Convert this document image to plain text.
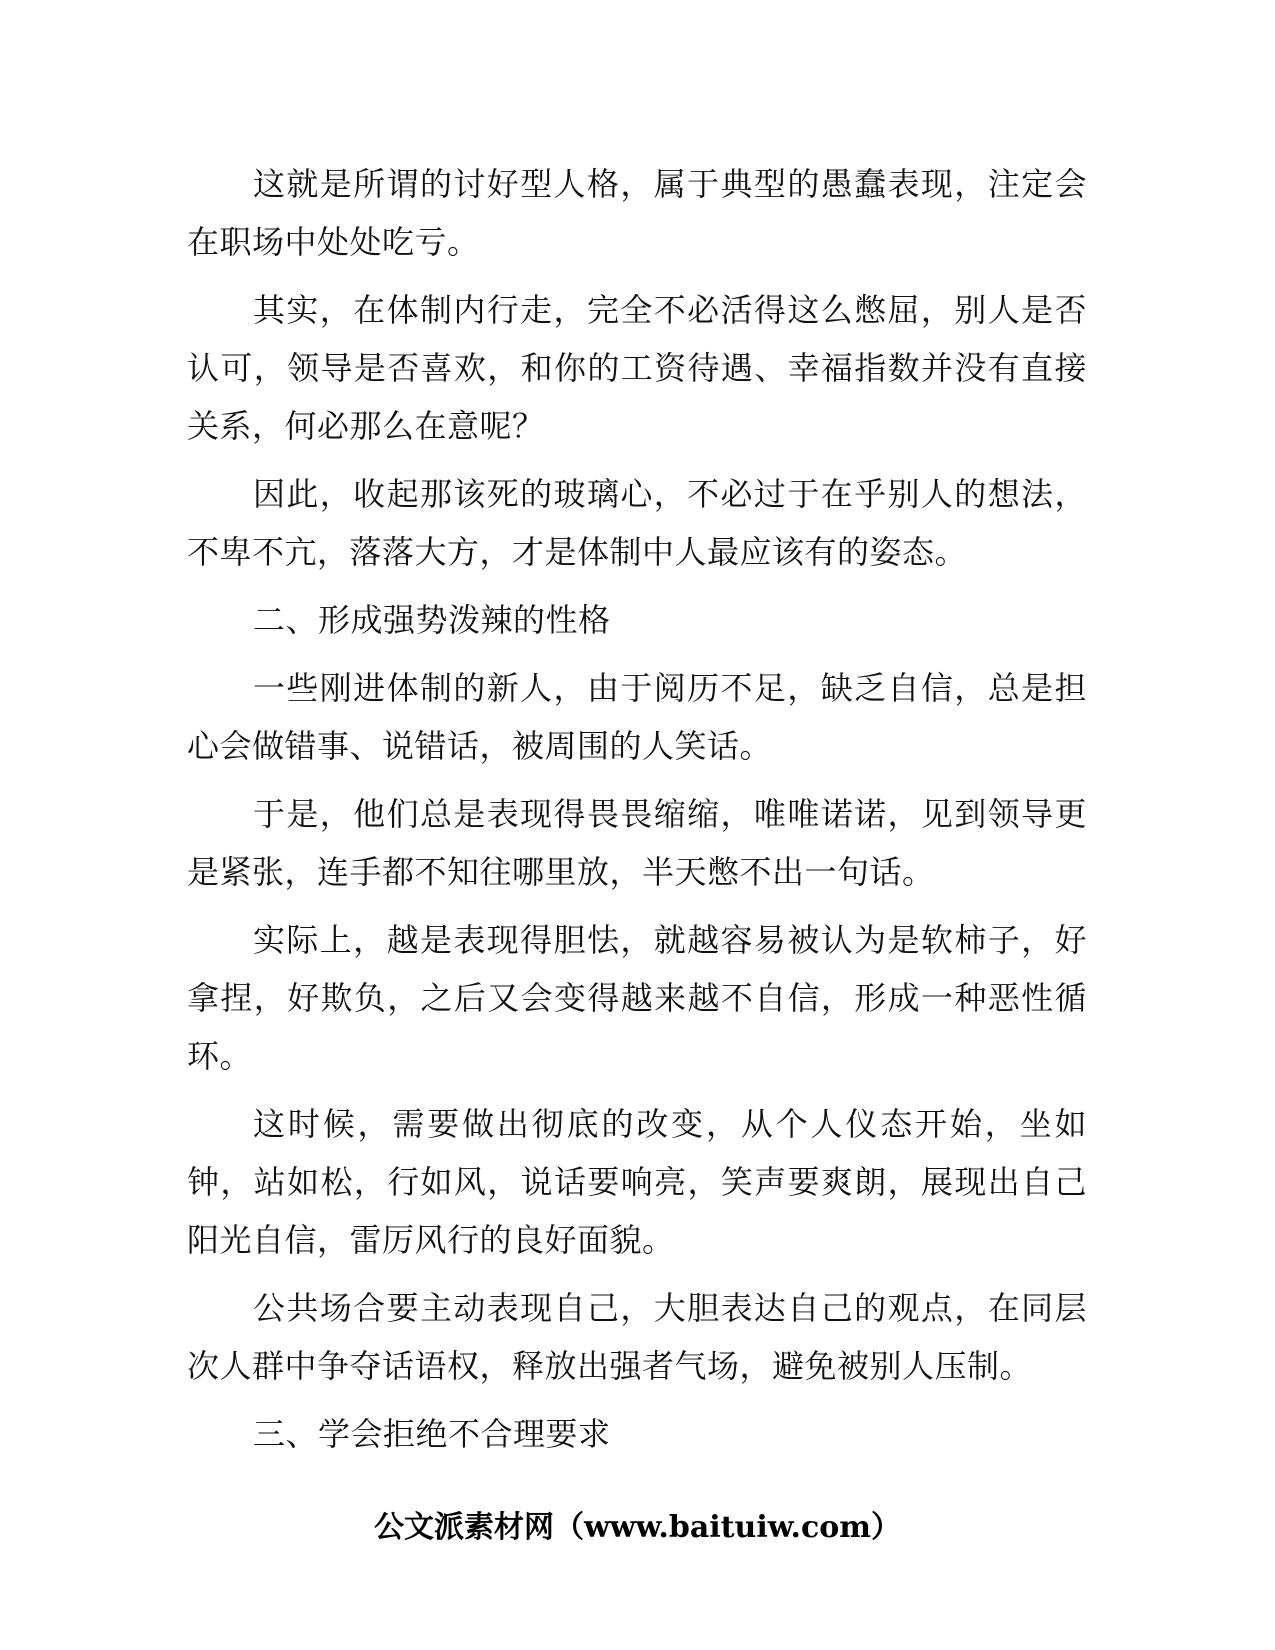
这就是所谓的讨好型人格，属于典型的愚蠢表现，注定会在职场中处处吃亏。

其实，在体制内行走，完全不必活得这么憋屈，别人是否认可，领导是否喜欢，和你的工资待遇、幸福指数并没有直接关系，何必那么在意呢？

因此，收起那该死的玻璃心，不必过于在乎别人的想法，不卑不亢，落落大方，才是体制中人最应该有的姿态。

二、形成强势泼辣的性格

一些刚进体制的新人，由于阅历不足，缺乏自信，总是担心会做错事、说错话，被周围的人笑话。

于是，他们总是表现得畏畏缩缩，唯唯诺诺，见到领导更是紧张，连手都不知往哪里放，半天憋不出一句话。

实际上，越是表现得胆怯，就越容易被认为是软柿子，好拿捏，好欺负，之后又会变得越来越不自信，形成一种恶性循环。

这时候，需要做出彻底的改变，从个人仪态开始，坐如钟，站如松，行如风，说话要响亮，笑声要爽朗，展现出自己阳光自信，雷厉风行的良好面貌。

公共场合要主动表现自己，大胆表达自己的观点，在同层次人群中争夺话语权，释放出强者气场，避免被别人压制。

三、学会拒绝不合理要求

公文派素材网（www.baituiw.com）
